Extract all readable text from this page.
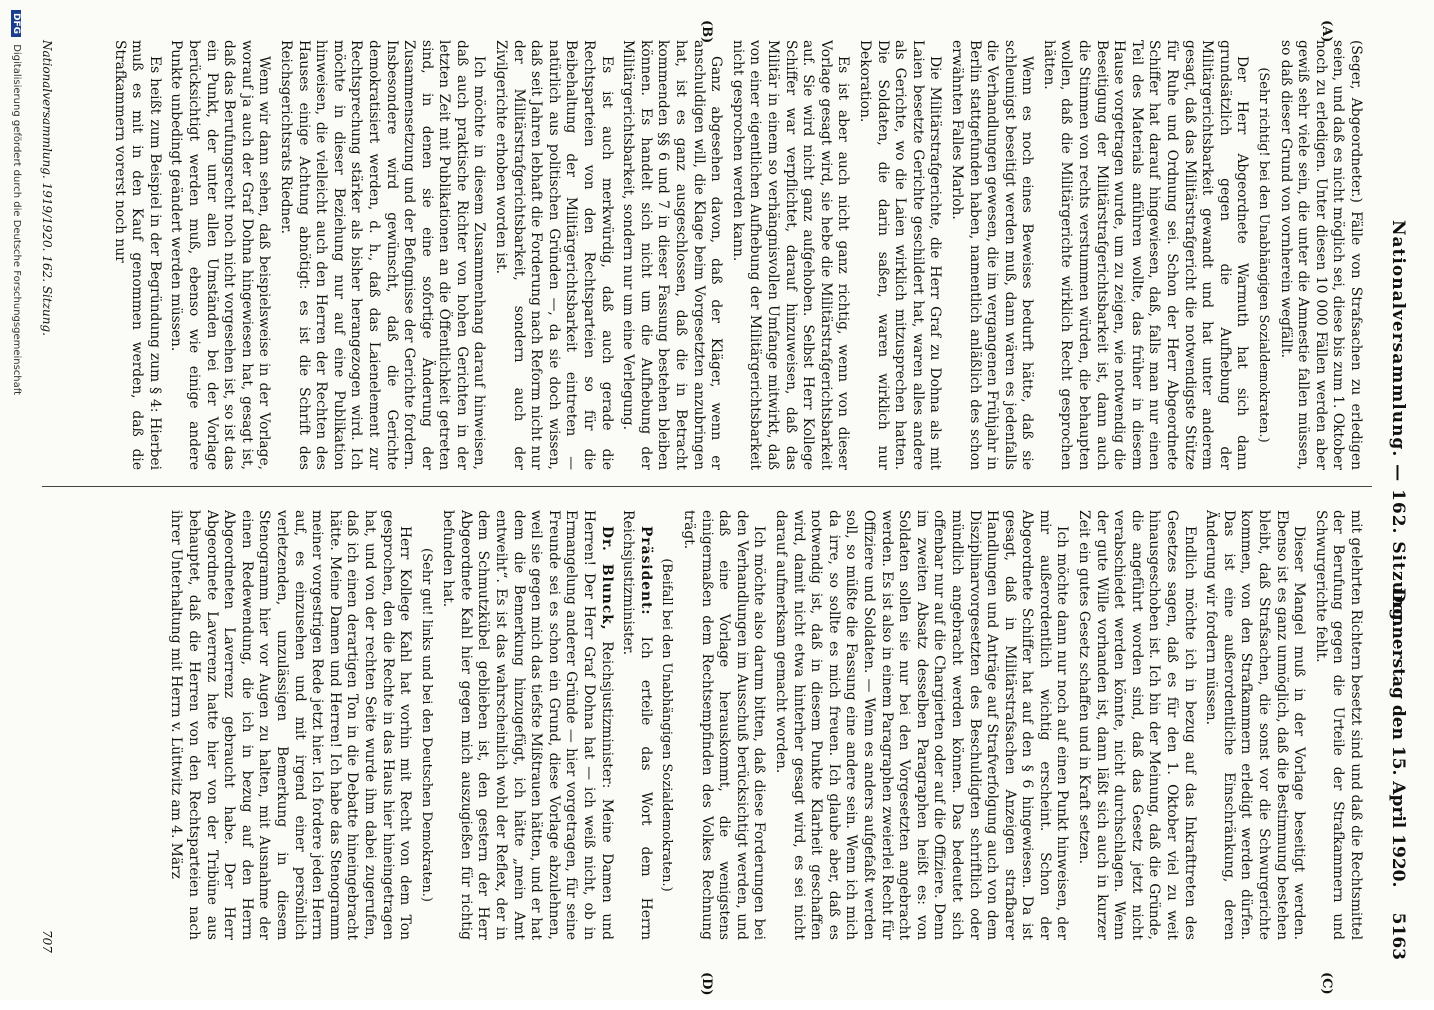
Nationalversammlung. — 162. Sitzung.
Donnerstag den 15. April 1920.
5163
(A)
(B)
(C)
(D)

(Seger, Abgeordneter.) Fälle von Strafsachen zu erledigen seien, und daß es nicht möglich sei, diese bis zum 1. Oktober noch zu erledigen. Unter diesen 10 000 Fällen werden aber gewiß sehr viele sein, die unter die Amnestie fallen müssen, so daß dieser Grund von vornherein wegfällt.

(Sehr richtig! bei den Unabhängigen Sozialdemokraten.)

Der Herr Abgeordnete Warmuth hat sich dann grundsätzlich gegen die Aufhebung der Militärgerichtsbarkeit gewandt und hat unter anderem gesagt, daß das Militärstrafgericht die notwendigste Stütze für Ruhe und Ordnung sei. Schon der Herr Abgeordnete Schiffer hat darauf hingewiesen, daß, falls man nur einen Teil des Materials anführen wollte, das früher in diesem Hause vorgetragen wurde, um zu zeigen, wie notwendig die Beseitigung der Militärstrafgerichtsbarkeit ist, dann auch die Stimmen von rechts verstummen würden, die behaupten wollen, daß die Militärgerichte wirklich Recht gesprochen hätten.

Wenn es noch eines Beweises bedurft hätte, daß sie schleunigst beseitigt werden muß, dann wären es jedenfalls die Verhandlungen gewesen, die im vergangenen Frühjahr in Berlin stattgefunden haben, namentlich anläßlich des schon erwähnten Falles Marloh.

Die Militärstrafgerichte, die Herr Graf zu Dohna als mit Laien besetzte Gerichte geschildert hat, waren alles andere als Gerichte, wo die Laien wirklich mitzusprechen hatten. Die Soldaten, die darin saßen, waren wirklich nur Dekoration.

Es ist aber auch nicht ganz richtig, wenn von dieser Vorlage gesagt wird, sie hebe die Militärstrafgerichtsbarkeit auf. Sie wird nicht ganz aufgehoben. Selbst Herr Kollege Schiffer war verpflichtet, darauf hinzuweisen, daß das Militär in einem so verhängnisvollen Umfange mitwirkt, daß von einer eigentlichen Aufhebung der Militärgerichtsbarkeit nicht gesprochen werden kann.

Ganz abgesehen davon, daß der Kläger, wenn er anschuldigen will, die Klage beim Vorgesetzten anzubringen hat, ist es ganz ausgeschlossen, daß die in Betracht kommenden §§ 6 und 7 in dieser Fassung bestehen bleiben können. Es handelt sich nicht um die Aufhebung der Militärgerichtsbarkeit, sondern nur um eine Verlegung.

Es ist auch merkwürdig, daß auch gerade die Rechtsparteien von den Rechtsparteien so für die Beibehaltung der Militärgerichtsbarkeit eintreten — natürlich aus politischen Gründen —, da sie doch wissen, daß seit Jahren lebhaft die Forderung nach Reform nicht nur der Militärstrafgerichtsbarkeit, sondern auch der Zivilgerichte erhoben worden ist.

Ich möchte in diesem Zusammenhang darauf hinweisen, daß auch praktische Richter von hohen Gerichten in der letzten Zeit mit Publikationen an die Öffentlichkeit getreten sind, in denen sie eine sofortige Änderung der Zusammensetzung und der Befugnisse der Gerichte fordern. Insbesondere wird gewünscht, daß die Gerichte demokratisiert werden, d. h., daß das Laienelement zur Rechtsprechung stärker als bisher herangezogen wird. Ich möchte in dieser Beziehung nur auf eine Publikation hinweisen, die vielleicht auch den Herren der Rechten des Hauses einige Achtung abnötigt: es ist die Schrift des Reichsgerichtsrats Riedner.

Wenn wir dann sehen, daß beispielsweise in der Vorlage, worauf ja auch der Graf Dohna hingewiesen hat, gesagt ist, daß das Berufungsrecht noch nicht vorgesehen ist, so ist das ein Punkt, der unter allen Umständen bei der Vorlage berücksichtigt werden muß, ebenso wie einige andere Punkte unbedingt geändert werden müssen.

Es heißt zum Beispiel in der Begründung zum § 4: Hierbei muß es mit in den Kauf genommen werden, daß die Strafkammern vorerst noch nur

mit gelehrten Richtern besetzt sind und daß die Rechtsmittel der Berufung gegen die Urteile der Strafkammern und Schwurgerichte fehlt.

Dieser Mangel muß in der Vorlage beseitigt werden. Ebenso ist es ganz unmöglich, daß die Bestimmung bestehen bleibt, daß Strafsachen, die sonst vor die Schwurgerichte kommen, von den Strafkammern erledigt werden dürfen. Das ist eine außerordentliche Einschränkung, deren Änderung wir fordern müssen.

Endlich möchte ich in bezug auf das Inkrafttreten des Gesetzes sagen, daß es für den 1. Oktober viel zu weit hinausgeschoben ist. Ich bin der Meinung, daß die Gründe, die angeführt worden sind, daß das Gesetz jetzt nicht verabschiedet werden könnte, nicht durchschlagen. Wenn der gute Wille vorhanden ist, dann läßt sich auch in kurzer Zeit ein gutes Gesetz schaffen und in Kraft setzen.

Ich möchte dann nur noch auf einen Punkt hinweisen, der mir außerordentlich wichtig erscheint. Schon der Abgeordnete Schiffer hat auf den § 6 hingewiesen. Da ist gesagt, daß in Militärstrafsachen Anzeigen strafbarer Handlungen und Anträge auf Strafverfolgung auch von dem Disziplinarvorgesetzten des Beschuldigten schriftlich oder mündlich angebracht werden können. Das bedeutet sich offenbar nur auf die Chargierten oder auf die Offiziere. Denn im zweiten Absatz desselben Paragraphen heißt es: von Soldaten sollen sie nur bei den Vorgesetzten angebracht werden. Es ist also in einem Paragraphen zweierlei Recht für Offiziere und Soldaten. — Wenn es anders aufgefaßt werden soll, so müßte die Fassung eine andere sein. Wenn ich mich da irre, so sollte es mich freuen. Ich glaube aber, daß es notwendig ist, daß in diesem Punkte Klarheit geschaffen wird, damit nicht etwa hinterher gesagt wird, es sei nicht darauf aufmerksam gemacht worden.

Ich möchte also darum bitten, daß diese Forderungen bei den Verhandlungen im Ausschuß berücksichtigt werden, und daß eine Vorlage herauskommt, die wenigstens einigermaßen dem Rechtsempfinden des Volkes Rechnung trägt.

(Beifall bei den Unabhängigen Sozialdemokraten.)

Präsident: Ich erteile das Wort dem Herrn Reichsjustizminister.

Dr. Blunck, Reichsjustizminister: Meine Damen und Herren! Der Herr Graf Dohna hat — ich weiß nicht, ob in Ermangelung anderer Gründe — hier vorgetragen, für seine Freunde sei es schon ein Grund, diese Vorlage abzulehnen, weil sie gegen mich das tiefste Mißtrauen hätten, und er hat dem die Bemerkung hinzugefügt, ich hätte „mein Amt entweiht“. Es ist das wahrscheinlich wohl der Reflex, der in dem Schmutzkübel geblieben ist, den gestern der Herr Abgeordnete Kahl hier gegen mich auszugießen für richtig befunden hat.

(Sehr gut! links und bei den Deutschen Demokraten.)

Herr Kollege Kahl hat vorhin mit Recht von dem Ton gesprochen, den die Rechte in das Haus hier hineingetragen hat, und von der rechten Seite wurde ihm dabei zugerufen, daß ich einen derartigen Ton in die Debatte hineingebracht hätte. Meine Damen und Herren! Ich habe das Stenogramm meiner vorgestrigen Rede jetzt hier. Ich fordere jeden Herrn auf, es einzusehen und mit irgend einer persönlich verletzenden, unzulässigen Bemerkung in diesem Stenogramm hier vor Augen zu halten, mit Ausnahme der einen Redewendung, die ich in bezug auf den Herrn Abgeordneten Laverrenz gebraucht habe. Der Herr Abgeordnete Laverrenz hatte hier von der Tribüne aus behauptet, daß die Herren von den Rechtsparteien nach ihrer Unterhaltung mit Herrn v. Lüttwitz am 4. März

Nationalversammlung. 1919/1920. 162. Sitzung.
707
DFG Digitalisierung gefördert durch die Deutsche Forschungsgemeinschaft
